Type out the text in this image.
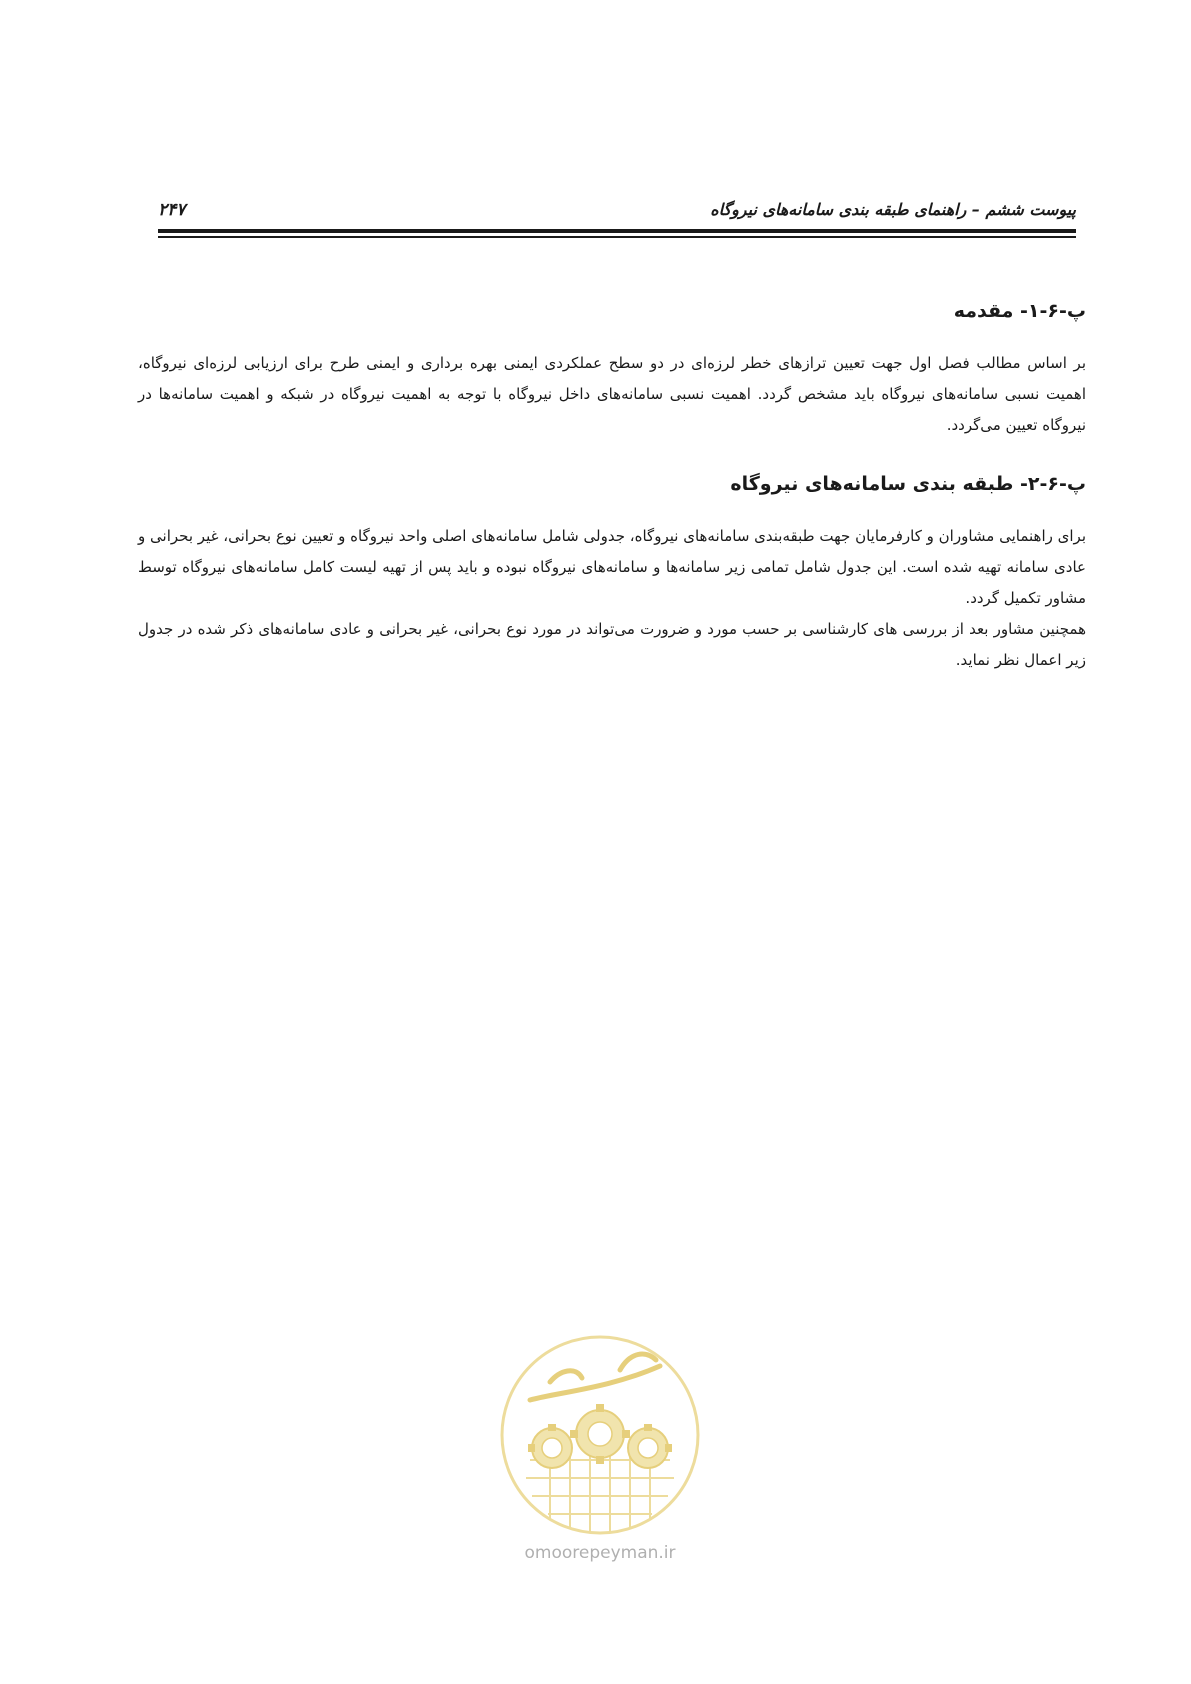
پیوست ششم – راهنمای طبقه بندی سامانه‌های نیروگاه
۲۴۷
پ-۶-۱- مقدمه

بر اساس مطالب فصل اول جهت تعیین ترازهای خطر لرزه‌ای در دو سطح عملکردی ایمنی بهره برداری و ایمنی طرح برای ارزیابی لرزه‌ای نیروگاه، اهمیت نسبی سامانه‌های نیروگاه باید مشخص گردد. اهمیت نسبی سامانه‌های داخل نیروگاه با توجه به اهمیت نیروگاه در شبکه و اهمیت سامانه‌ها در نیروگاه تعیین می‌گردد.

پ-۶-۲- طبقه بندی سامانه‌های نیروگاه

برای راهنمایی مشاوران و کارفرمایان جهت طبقه‌بندی سامانه‌های نیروگاه، جدولی شامل سامانه‌های اصلی واحد نیروگاه و تعیین نوع بحرانی، غیر بحرانی و عادی سامانه تهیه شده است. این جدول شامل تمامی زیر سامانه‌ها و سامانه‌های نیروگاه نبوده و باید پس از تهیه لیست کامل سامانه‌های نیروگاه توسط مشاور تکمیل گردد.

همچنین مشاور بعد از بررسی های کارشناسی بر حسب مورد و ضرورت می‌تواند در مورد نوع بحرانی، غیر بحرانی و عادی سامانه‌های ذکر شده در جدول زیر اعمال نظر نماید.

omoorepeyman.ir
